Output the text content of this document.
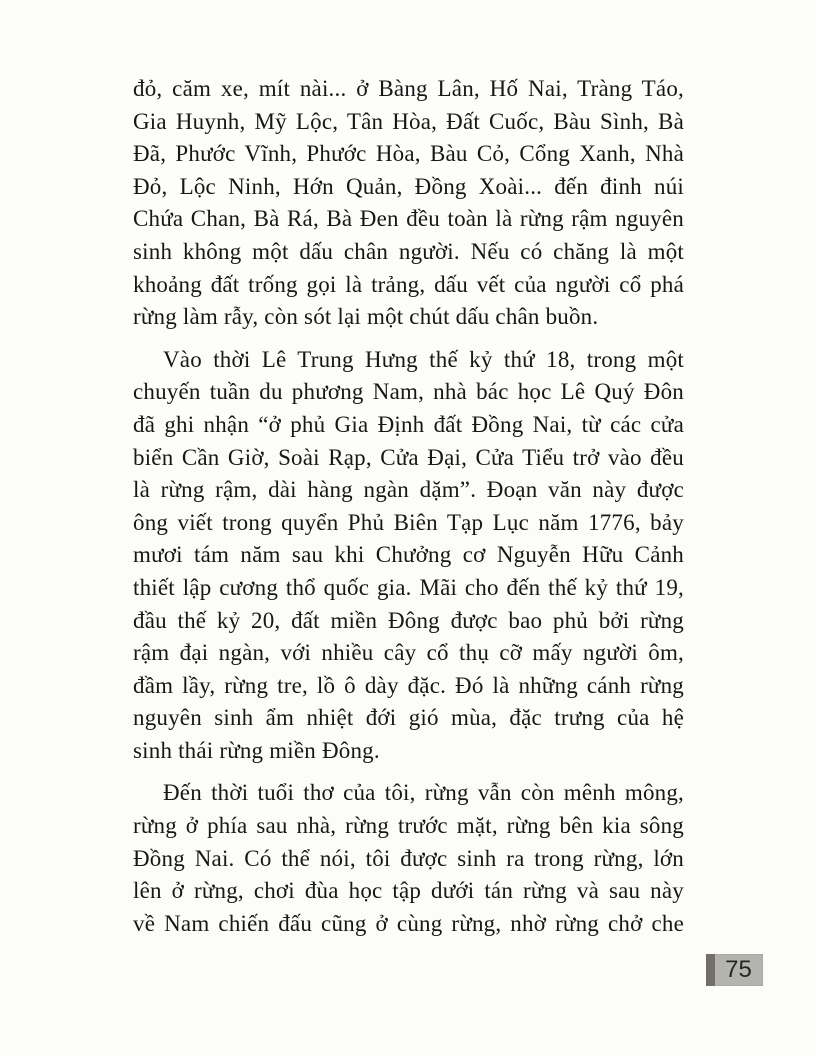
đỏ, căm xe, mít nài... ở Bàng Lân, Hố Nai, Tràng Táo,
Gia Huynh, Mỹ Lộc, Tân Hòa, Đất Cuốc, Bàu Sình, Bà
Đã, Phước Vĩnh, Phước Hòa, Bàu Cỏ, Cổng Xanh, Nhà
Đỏ, Lộc Ninh, Hớn Quản, Đồng Xoài... đến đinh núi
Chứa Chan, Bà Rá, Bà Đen đều toàn là rừng rậm nguyên
sinh không một dấu chân người. Nếu có chăng là một
khoảng đất trống gọi là trảng, dấu vết của người cổ phá
rừng làm rẫy, còn sót lại một chút dấu chân buồn.
Vào thời Lê Trung Hưng thế kỷ thứ 18, trong một
chuyến tuần du phương Nam, nhà bác học Lê Quý Đôn
đã ghi nhận “ở phủ Gia Định đất Đồng Nai, từ các cửa
biển Cần Giờ, Soài Rạp, Cửa Đại, Cửa Tiểu trở vào đều
là rừng rậm, dài hàng ngàn dặm”. Đoạn văn này được
ông viết trong quyển Phủ Biên Tạp Lục năm 1776, bảy
mươi tám năm sau khi Chưởng cơ Nguyễn Hữu Cảnh
thiết lập cương thổ quốc gia. Mãi cho đến thế kỷ thứ 19,
đầu thế kỷ 20, đất miền Đông được bao phủ bởi rừng
rậm đại ngàn, với nhiều cây cổ thụ cỡ mấy người ôm,
đầm lầy, rừng tre, lồ ô dày đặc. Đó là những cánh rừng
nguyên sinh ẩm nhiệt đới gió mùa, đặc trưng của hệ
sinh thái rừng miền Đông.
Đến thời tuổi thơ của tôi, rừng vẫn còn mênh mông,
rừng ở phía sau nhà, rừng trước mặt, rừng bên kia sông
Đồng Nai. Có thể nói, tôi được sinh ra trong rừng, lớn
lên ở rừng, chơi đùa học tập dưới tán rừng và sau này
về Nam chiến đấu cũng ở cùng rừng, nhờ rừng chở che
75
